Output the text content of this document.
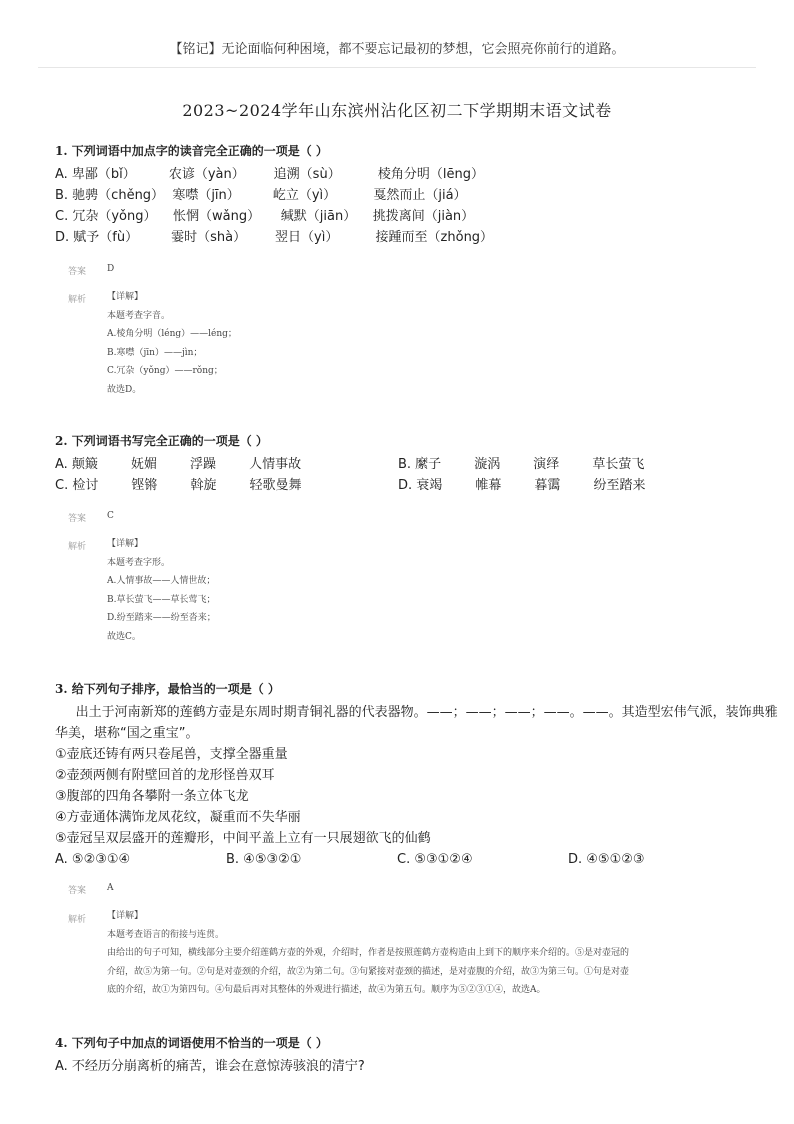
【铭记】无论面临何种困境，都不要忘记最初的梦想，它会照亮你前行的道路。
2023~2024学年山东滨州沾化区初二下学期期末语文试卷
1. 下列词语中加点字的读音完全正确的一项是（ ）
A. 卑鄙（bǐ）        农谚（yàn）       追溯（sù）         棱角分明（lēng）
B. 驰骋（chěng）  寒噤（jīn）        屹立（yì）         戛然而止（jiá）
C. 冗杂（yǒng）    怅惘（wǎng）     缄默（jiān）    挑拨离间（jiàn）
D. 赋予（fù）        霎时（shà）       翌日（yì）         接踵而至（zhǒng）
答案 D
解析 【详解】
本题考查字音。
A.棱角分明（léng）——léng；
B.寒噤（jīn）——jìn；
C.冗杂（yǒng）——rǒng；
故选D。
2. 下列词语书写完全正确的一项是（ ）
A. 颠簸        妩媚        浮躁        人情事故	B. 縻子        漩涡        演绎        草长萤飞
C. 检讨        铿锵        斡旋        轻歌曼舞	D. 衰竭        帷幕        暮霭        纷至踏来
答案 C
解析 【详解】
本题考查字形。
A.人情事故——人情世故；
B.草长萤飞——草长莺飞；
D.纷至踏来——纷至沓来；
故选C。
3. 给下列句子排序，最恰当的一项是（ ）
出土于河南新郑的莲鹤方壶是东周时期青铜礼器的代表器物。——；——；——；——。——。其造型宏伟气派，装饰典雅
华美，堪称“国之重宝”。
①壶底还铸有两只卷尾兽，支撑全器重量
②壶颈两侧有附壁回首的龙形怪兽双耳
③腹部的四角各攀附一条立体飞龙
④方壶通体满饰龙凤花纹，凝重而不失华丽
⑤壶冠呈双层盛开的莲瓣形，中间平盖上立有一只展翅欲飞的仙鹤
A. ⑤②③①④	B. ④⑤③②①	C. ⑤③①②④	D. ④⑤①②③
答案 A
解析 【详解】
本题考查语言的衔接与连贯。
由给出的句子可知，横线部分主要介绍莲鹤方壶的外观，介绍时，作者是按照莲鹤方壶构造由上到下的顺序来介绍的。⑤是对壶冠的
介绍，故⑤为第一句。②句是对壶颈的介绍，故②为第二句。③句紧接对壶颈的描述，是对壶腹的介绍，故③为第三句。①句是对壶
底的介绍，故①为第四句。④句最后再对其整体的外观进行描述，故④为第五句。顺序为⑤②③①④，故选A。
4. 下列句子中加点的词语使用不恰当的一项是（ ）
A. 不经历分崩离析的痛苦，谁会在意惊涛骇浪的清宁?
